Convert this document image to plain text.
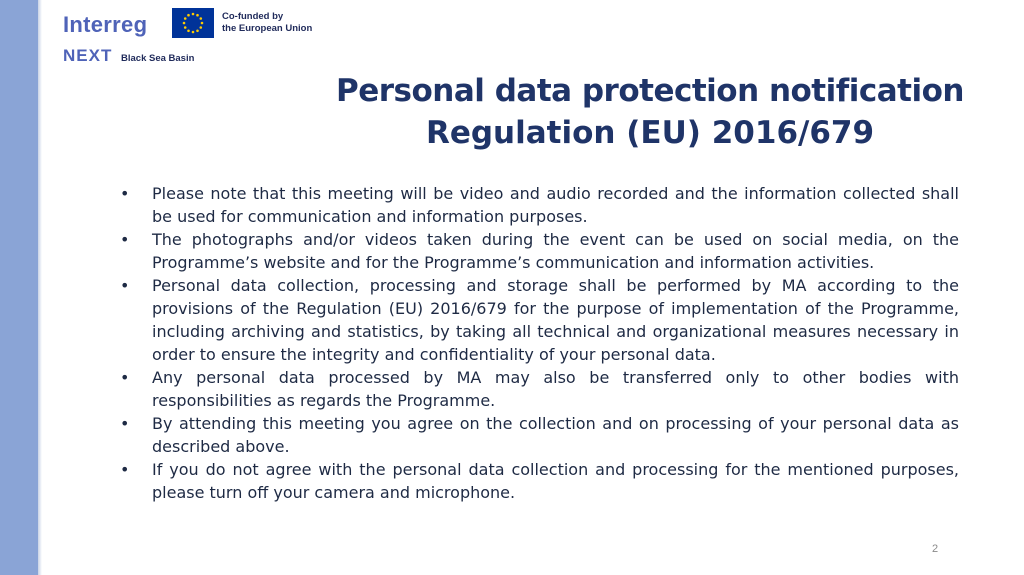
Interreg	Co-funded by
the European Union
NEXT Black Sea Basin
Personal data protection notification
Regulation (EU) 2016/679
• Please note that this meeting will be video and audio recorded and the information collected shall be used for communication and information purposes.
• The photographs and/or videos taken during the event can be used on social media, on the Programme’s website and for the Programme’s communication and information activities.
• Personal data collection, processing and storage shall be performed by MA according to the provisions of the Regulation (EU) 2016/679 for the purpose of implementation of the Programme, including archiving and statistics, by taking all technical and organizational measures necessary in order to ensure the integrity and confidentiality of your personal data.
• Any personal data processed by MA may also be transferred only to other bodies with responsibilities as regards the Programme.
• By attending this meeting you agree on the collection and on processing of your personal data as described above.
• If you do not agree with the personal data collection and processing for the mentioned purposes, please turn off your camera and microphone.
2
